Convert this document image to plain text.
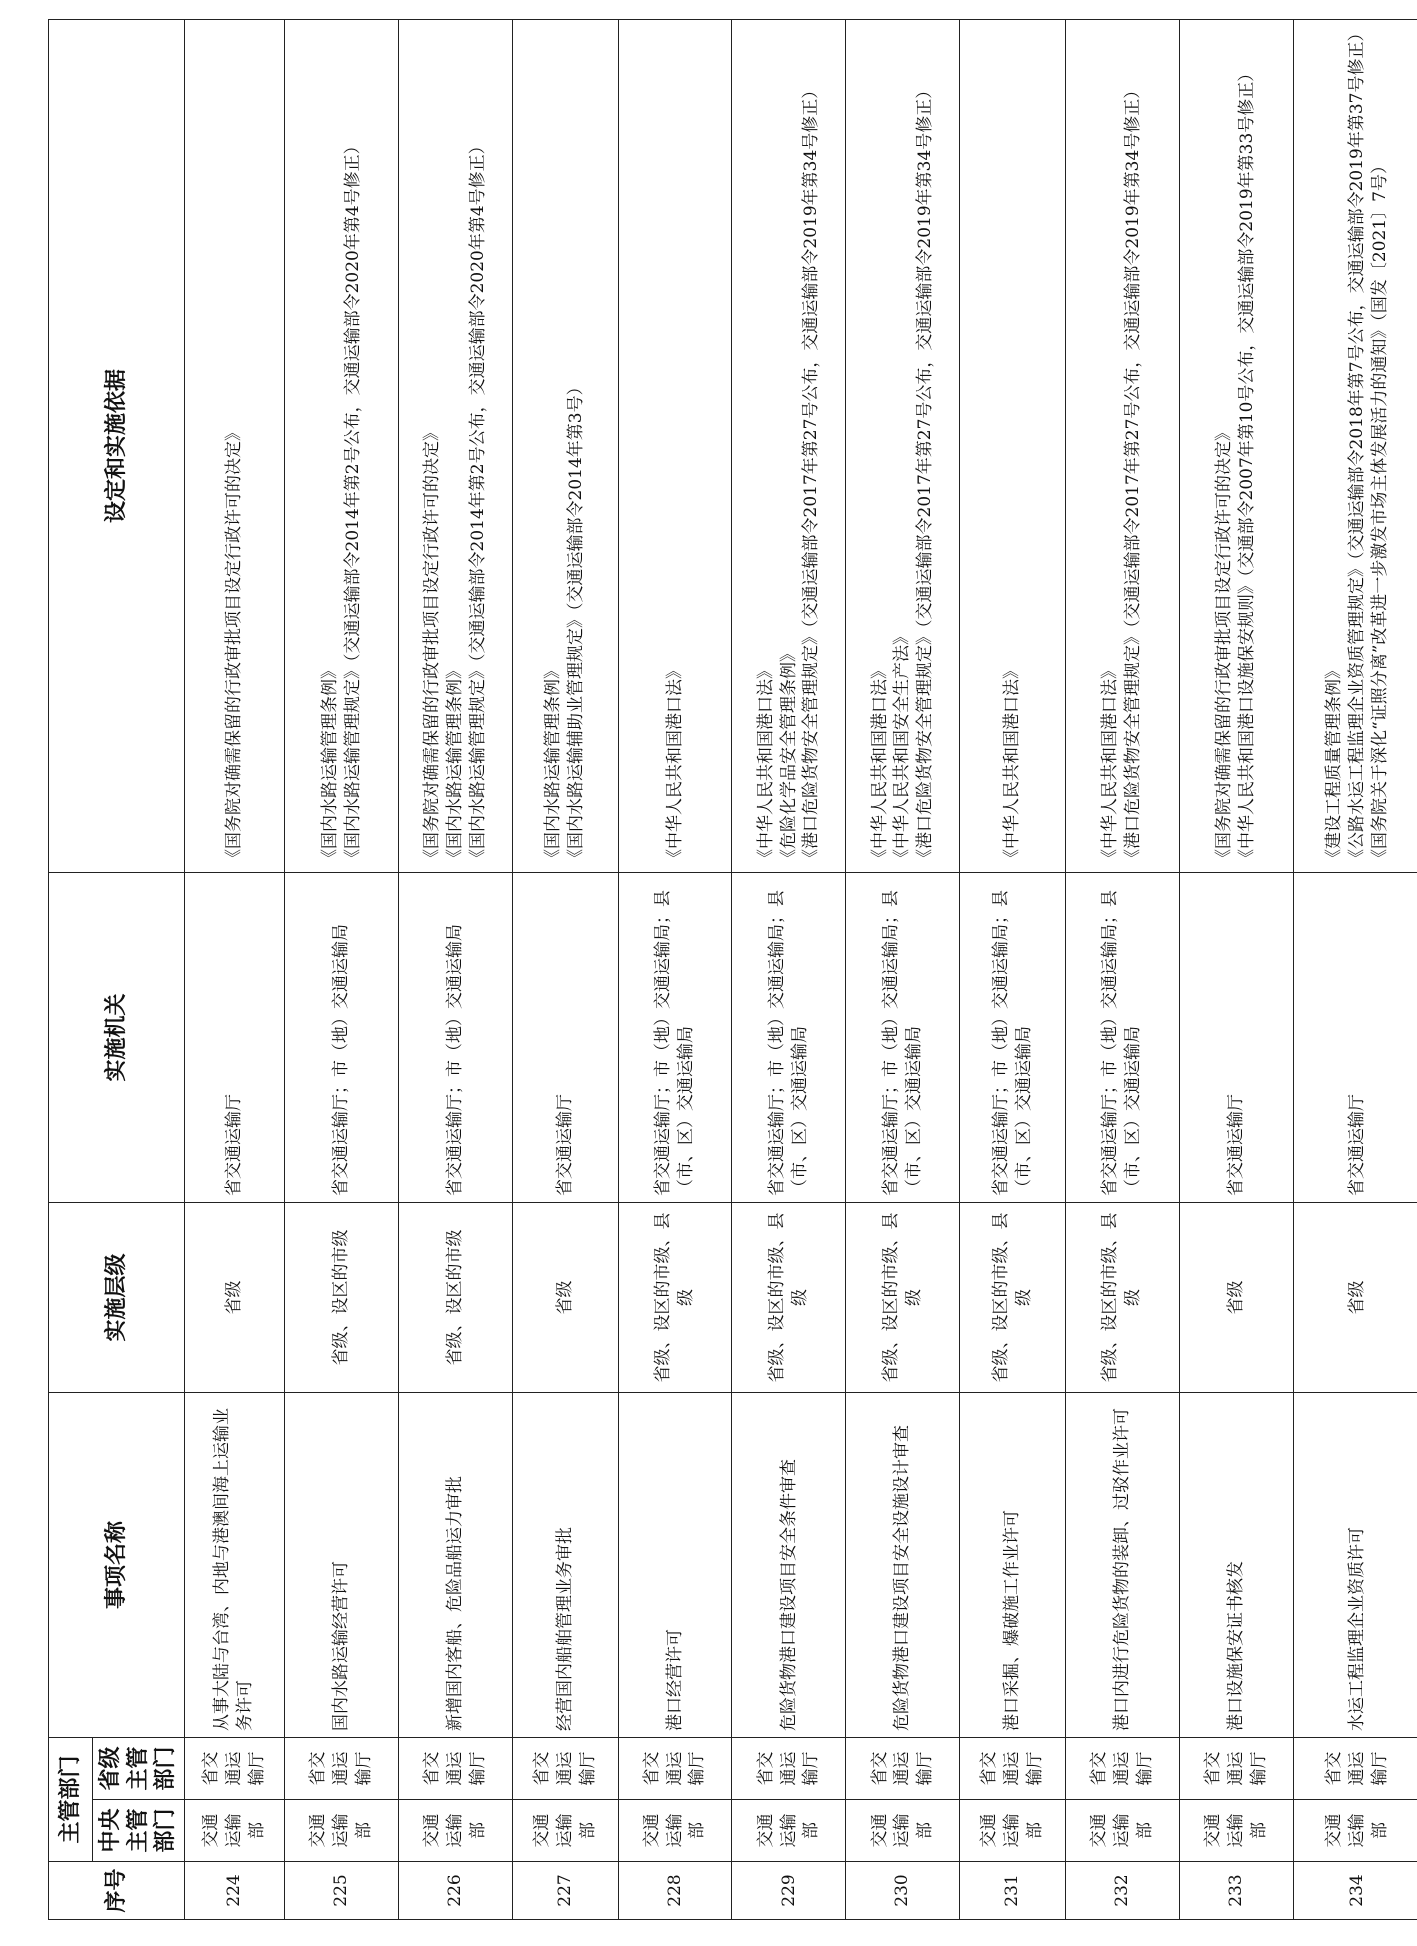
序号	主管部门		事项名称	实施层级	实施机关	设定和实施依据
	中央主管部门	省级主管部门				
224	交通运输部	省交通运输厅	从事大陆与台湾、内地与港澳间海上运输业务许可	省级	省交通运输厅	《国务院对确需保留的行政审批项目设定行政许可的决定》

225	交通运输部	省交通运输厅	国内水路运输经营许可	省级、设区的市级	省交通运输厅；市（地）交通运输局	《国内水路运输管理条例》 《国内水路运输管理规定》（交通运输部令2014年第2号公布，交通运输部令2020年第4号修正）

226	交通运输部	省交通运输厅	新增国内客船、危险品船运力审批	省级、设区的市级	省交通运输厅；市（地）交通运输局	《国务院对确需保留的行政审批项目设定行政许可的决定》 《国内水路运输管理条例》 《国内水路运输管理规定》（交通运输部令2014年第2号公布，交通运输部令2020年第4号修正）

227	交通运输部	省交通运输厅	经营国内船舶管理业务审批	省级	省交通运输厅	《国内水路运输管理条例》 《国内水路运输辅助业管理规定》（交通运输部令2014年第3号）

228	交通运输部	省交通运输厅	港口经营许可	省级、设区的市级、县级	省交通运输厅；市（地）交通运输局；县（市、区）交通运输局	《中华人民共和国港口法》

229	交通运输部	省交通运输厅	危险货物港口建设项目安全条件审查	省级、设区的市级、县级	省交通运输厅；市（地）交通运输局；县（市、区）交通运输局	《中华人民共和国港口法》 《危险化学品安全管理条例》 《港口危险货物安全管理规定》（交通运输部令2017年第27号公布，交通运输部令2019年第34号修正）

230	交通运输部	省交通运输厅	危险货物港口建设项目安全设施设计审查	省级、设区的市级、县级	省交通运输厅；市（地）交通运输局；县（市、区）交通运输局	《中华人民共和国港口法》 《中华人民共和国安全生产法》 《港口危险货物安全管理规定》（交通运输部令2017年第27号公布，交通运输部令2019年第34号修正）

231	交通运输部	省交通运输厅	港口采掘、爆破施工作业许可	省级、设区的市级、县级	省交通运输厅；市（地）交通运输局；县（市、区）交通运输局	《中华人民共和国港口法》

232	交通运输部	省交通运输厅	港口内进行危险货物的装卸、过驳作业许可	省级、设区的市级、县级	省交通运输厅；市（地）交通运输局；县（市、区）交通运输局	《中华人民共和国港口法》 《港口危险货物安全管理规定》（交通运输部令2017年第27号公布，交通运输部令2019年第34号修正）

233	交通运输部	省交通运输厅	港口设施保安证书核发	省级	省交通运输厅	《国务院对确需保留的行政审批项目设定行政许可的决定》 《中华人民共和国港口设施保安规则》（交通部令2007年第10号公布，交通运输部令2019年第33号修正）

234	交通运输部	省交通运输厅	水运工程监理企业资质许可	省级	省交通运输厅	《建设工程质量管理条例》 《公路水运工程监理企业资质管理规定》（交通运输部令2018年第7号公布，交通运输部令2019年第37号修正） 《国务院关于深化“证照分离”改革进一步激发市场主体发展活力的通知》（国发〔2021〕7号）
